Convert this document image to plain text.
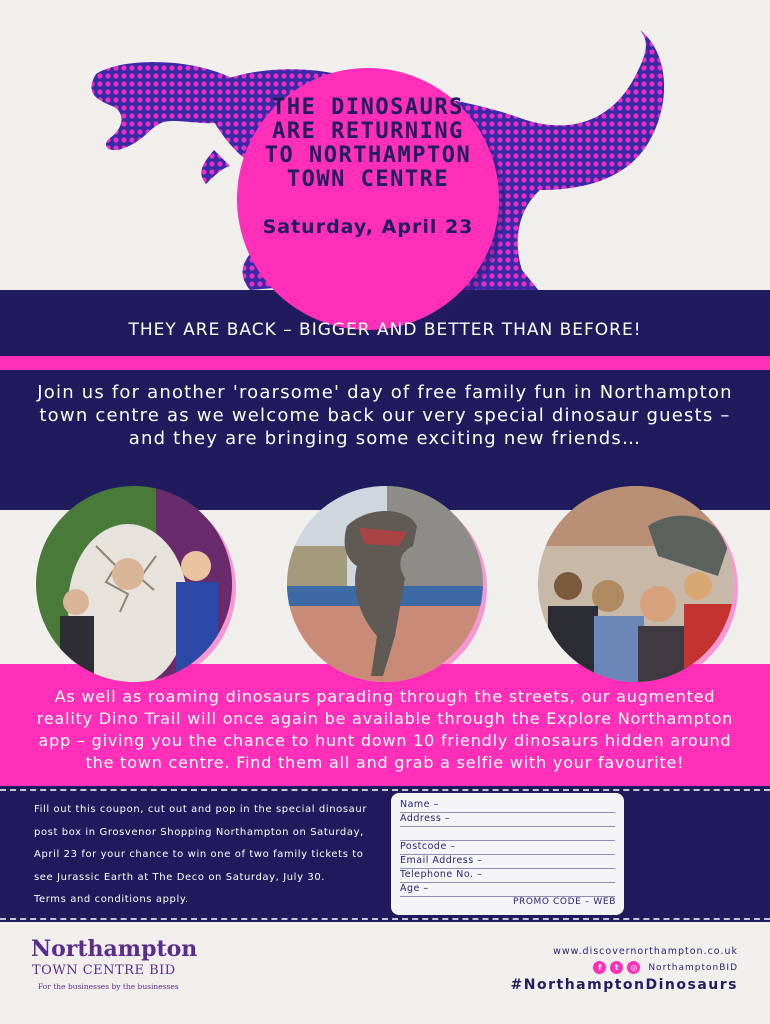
THE DINOSAURS
ARE RETURNING
TO NORTHAMPTON
TOWN CENTRE
Saturday, April 23
THEY ARE BACK – BIGGER AND BETTER THAN BEFORE!
Join us for another 'roarsome' day of free family fun in Northampton town centre as we welcome back our very special dinosaur guests – and they are bringing some exciting new friends…
As well as roaming dinosaurs parading through the streets, our augmented reality Dino Trail will once again be available through the Explore Northampton app – giving you the chance to hunt down 10 friendly dinosaurs hidden around the town centre. Find them all and grab a selfie with your favourite!
Fill out this coupon, cut out and pop in the special dinosaur
post box in Grosvenor Shopping Northampton on Saturday,
April 23 for your chance to win one of two family tickets to
see Jurassic Earth at The Deco on Saturday, July 30.
Terms and conditions apply.
Name –
Address –
Postcode –
Email Address –
Telephone No. –
Age –
PROMO CODE – WEB
Northampton
TOWN CENTRE BID
For the businesses by the businesses
www.discovernorthampton.co.uk
f	t	◎	NorthamptonBID
#NorthamptonDinosaurs
